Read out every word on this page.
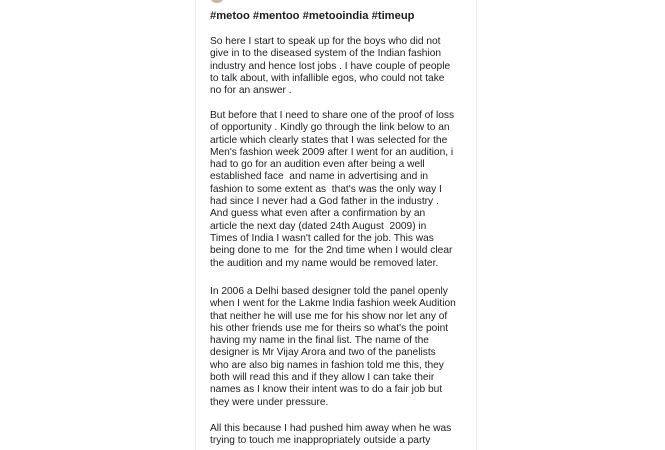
#metoo #mentoo #metooindia #timeup
So here I start to speak up for the boys who did not
give in to the diseased system of the Indian fashion
industry and hence lost jobs . I have couple of people
to talk about, with infallible egos, who could not take
no for an answer .
But before that I need to share one of the proof of loss
of opportunity . Kindly go through the link below to an
article which clearly states that I was selected for the
Men's fashion week 2009 after I went for an audition, i
had to go for an audition even after being a well
established face  and name in advertising and in
fashion to some extent as  that's was the only way I
had since I never had a God father in the industry .
And guess what even after a confirmation by an
article the next day (dated 24th August  2009) in
Times of India I wasn't called for the job. This was
being done to me  for the 2nd time when I would clear
the audition and my name would be removed later.
In 2006 a Delhi based designer told the panel openly
when I went for the Lakme India fashion week Audition
that neither he will use me for his show nor let any of
his other friends use me for theirs so what's the point
having my name in the final list. The name of the
designer is Mr Vijay Arora and two of the panelists
who are also big names in fashion told me this, they
both will read this and if they allow I can take their
names as I know their intent was to do a fair job but
they were under pressure.
All this because I had pushed him away when he was
trying to touch me inappropriately outside a party
